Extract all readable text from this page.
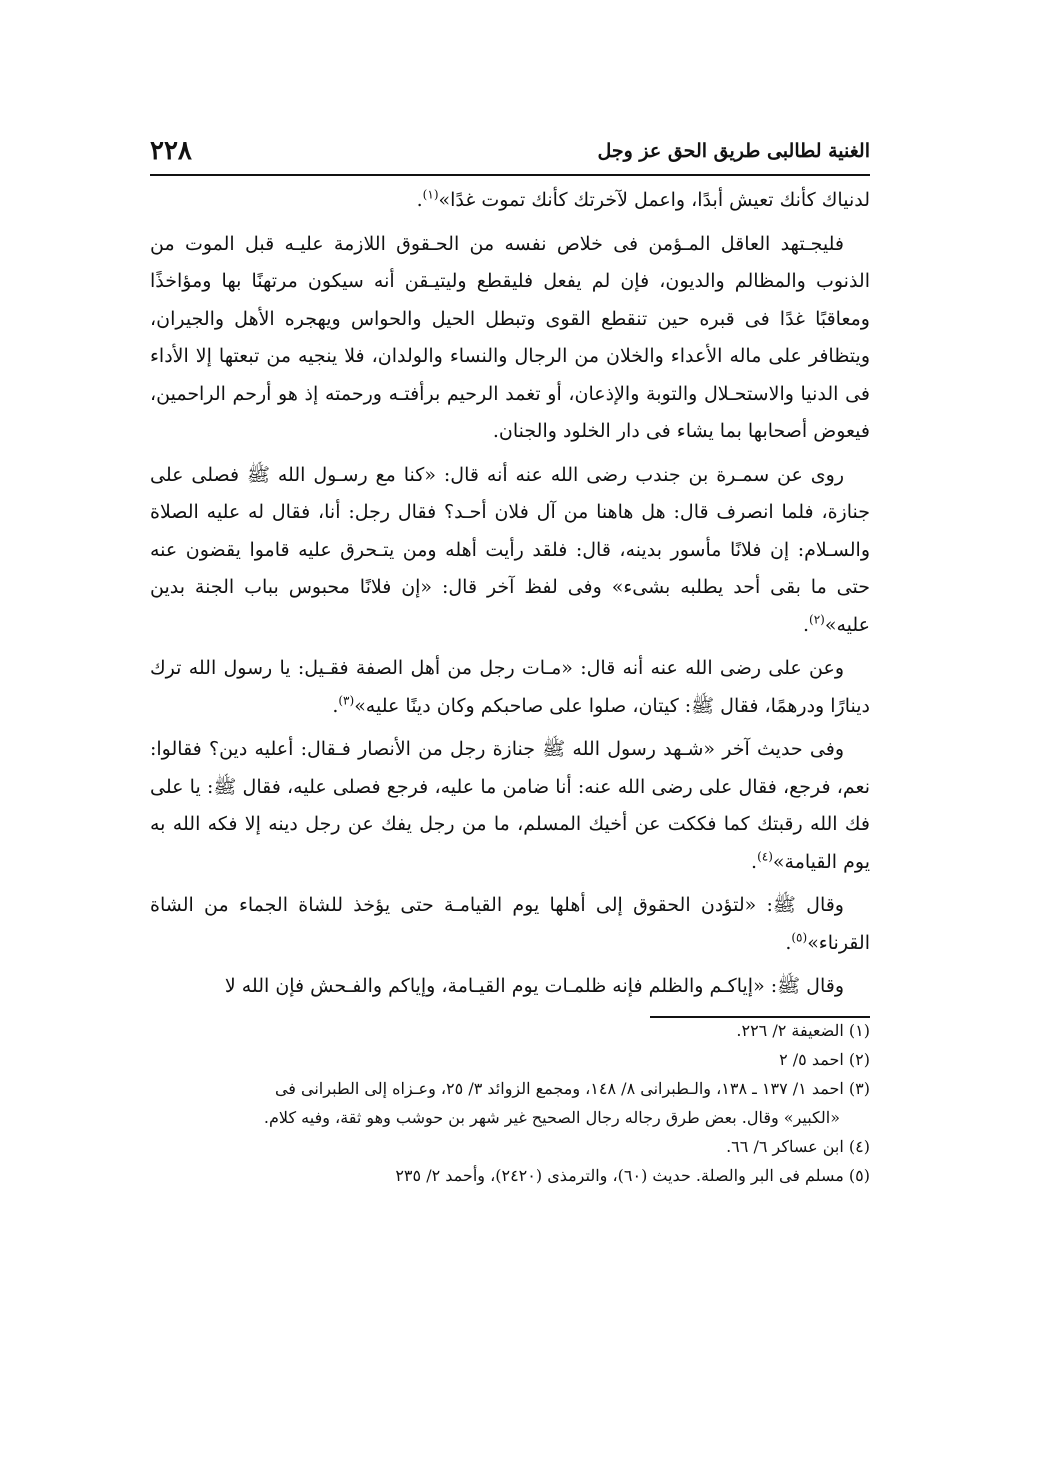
٢٢٨	الغنية لطالبى طريق الحق عز وجل

لدنياك كأنك تعيش أبدًا، واعمل لآخرتك كأنك تموت غدًا»$^{(١)}$.

فليجـتهد العاقل المـؤمن فى خلاص نفسه من الحـقوق اللازمة عليـه قبل الموت من الذنوب والمظالم والديون، فإن لم يفعل فليقطع وليتيـقن أنه سيكون مرتهنًا بها ومؤاخذًا ومعاقبًا غدًا فى قبره حين تنقطع القوى وتبطل الحيل والحواس ويهجره الأهل والجيران، ويتظافر على ماله الأعداء والخلان من الرجال والنساء والولدان، فلا ينجيه من تبعتها إلا الأداء فى الدنيا والاستحـلال والتوبة والإذعان، أو تغمد الرحيم برأفتـه ورحمته إذ هو أرحم الراحمين، فيعوض أصحابها بما يشاء فى دار الخلود والجنان.

روى عن سمـرة بن جندب رضى الله عنه أنه قال: «كنا مع رسـول الله ﷺ فصلى على جنازة، فلما انصرف قال: هل هاهنا من آل فلان أحـد؟ فقال رجل: أنا، فقال له عليه الصلاة والسـلام: إن فلانًا مأسور بدينه، قال: فلقد رأيت أهله ومن يتـحرق عليه قاموا يقضون عنه حتى ما بقى أحد يطلبه بشىء» وفى لفظ آخر قال: «إن فلانًا محبوس بباب الجنة بدين عليه»$^{(٢)}$.

وعن على رضى الله عنه أنه قال: «مـات رجل من أهل الصفة فقـيل: يا رسول الله ترك دينارًا ودرهمًا، فقال ﷺ: كيتان، صلوا على صاحبكم وكان دينًا عليه»$^{(٣)}$.

وفى حديث آخر «شـهد رسول الله ﷺ جنازة رجل من الأنصار فـقال: أعليه دين؟ فقالوا: نعم، فرجع، فقال على رضى الله عنه: أنا ضامن ما عليه، فرجع فصلى عليه، فقال ﷺ: يا على فك الله رقبتك كما فككت عن أخيك المسلم، ما من رجل يفك عن رجل دينه إلا فكه الله به يوم القيامة»$^{(٤)}$.

وقال ﷺ: «لتؤدن الحقوق إلى أهلها يوم القيامـة حتى يؤخذ للشاة الجماء من الشاة القرناء»$^{(٥)}$.

وقال ﷺ: «إياكـم والظلم فإنه ظلمـات يوم القيـامة، وإياكم والفـحش فإن الله لا

(١) الضعيفة ٢/ ٢٢٦.

(٢) احمد ٥/ ٢

(٣) احمد ١/ ١٣٧ ـ ١٣٨، والـطبرانى ٨/ ١٤٨، ومجمع الزوائد ٣/ ٢٥، وعـزاه إلى الطبرانى فى
«الكبير» وقال. بعض طرق رجاله رجال الصحيح غير شهر بن حوشب وهو ثقة، وفيه كلام.

(٤) ابن عساكر ٦/ ٦٦.

(٥) مسلم فى البر والصلة. حديث (٦٠)، والترمذى (٢٤٢٠)، وأحمد ٢/ ٢٣٥
